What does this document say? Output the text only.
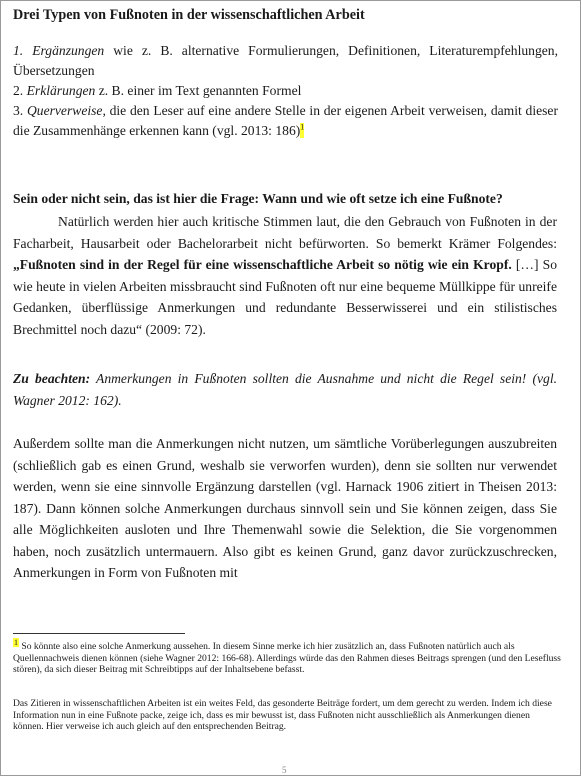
Drei Typen von Fußnoten in der wissenschaftlichen Arbeit

1. Ergänzungen wie z. B. alternative Formulierungen, Definitionen, Literaturempfehlungen, Übersetzungen

2. Erklärungen z. B. einer im Text genannten Formel

3. Querverweise, die den Leser auf eine andere Stelle in der eigenen Arbeit verweisen, damit dieser die Zusammenhänge erkennen kann (vgl. 2013: 186)$^1$

Sein oder nicht sein, das ist hier die Frage: Wann und wie oft setze ich eine Fußnote?

Natürlich werden hier auch kritische Stimmen laut, die den Gebrauch von Fußnoten in der Facharbeit, Hausarbeit oder Bachelorarbeit nicht befürworten. So bemerkt Krämer Folgendes: „Fußnoten sind in der Regel für eine wissenschaftliche Arbeit so nötig wie ein Kropf. […] So wie heute in vielen Arbeiten missbraucht sind Fußnoten oft nur eine bequeme Müllkippe für unreife Gedanken, überflüssige Anmerkungen und redundante Besserwisserei und ein stilistisches Brechmittel noch dazu“ (2009: 72).

Zu beachten: Anmerkungen in Fußnoten sollten die Ausnahme und nicht die Regel sein! (vgl. Wagner 2012: 162).

Außerdem sollte man die Anmerkungen nicht nutzen, um sämtliche Vorüberlegungen auszubreiten (schließlich gab es einen Grund, weshalb sie verworfen wurden), denn sie sollten nur verwendet werden, wenn sie eine sinnvolle Ergänzung darstellen (vgl. Harnack 1906 zitiert in Theisen 2013: 187). Dann können solche Anmerkungen durchaus sinnvoll sein und Sie können zeigen, dass Sie alle Möglichkeiten ausloten und Ihre Themenwahl sowie die Selektion, die Sie vorgenommen haben, noch zusätzlich untermauern. Also gibt es keinen Grund, ganz davor zurückzuschrecken, Anmerkungen in Form von Fußnoten mit

$^1$ So könnte also eine solche Anmerkung aussehen. In diesem Sinne merke ich hier zusätzlich an, dass Fußnoten natürlich auch als Quellennachweis dienen können (siehe Wagner 2012: 166-68). Allerdings würde das den Rahmen dieses Beitrags sprengen (und den Lesefluss stören), da sich dieser Beitrag mit Schreibtipps auf der Inhaltsebene befasst.

Das Zitieren in wissenschaftlichen Arbeiten ist ein weites Feld, das gesonderte Beiträge fordert, um dem gerecht zu werden. Indem ich diese Information nun in eine Fußnote packe, zeige ich, dass es mir bewusst ist, dass Fußnoten nicht ausschließlich als Anmerkungen dienen können. Hier verweise ich auch gleich auf den entsprechenden Beitrag.

5
